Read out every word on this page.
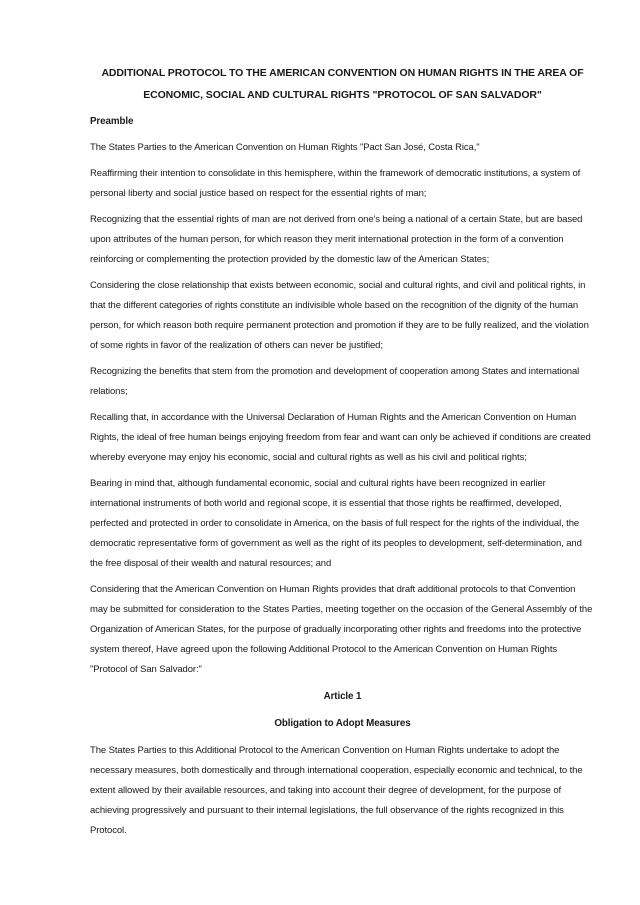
ADDITIONAL PROTOCOL TO THE AMERICAN CONVENTION ON HUMAN RIGHTS IN THE AREA OF ECONOMIC, SOCIAL AND CULTURAL RIGHTS "PROTOCOL OF SAN SALVADOR"
Preamble
The States Parties to the American Convention on Human Rights "Pact San José, Costa Rica,"
Reaffirming their intention to consolidate in this hemisphere, within the framework of democratic institutions, a system of personal liberty and social justice based on respect for the essential rights of man;
Recognizing that the essential rights of man are not derived from one's being a national of a certain State, but are based upon attributes of the human person, for which reason they merit international protection in the form of a convention reinforcing or complementing the protection provided by the domestic law of the American States;
Considering the close relationship that exists between economic, social and cultural rights, and civil and political rights, in that the different categories of rights constitute an indivisible whole based on the recognition of the dignity of the human person, for which reason both require permanent protection and promotion if they are to be fully realized, and the violation of some rights in favor of the realization of others can never be justified;
Recognizing the benefits that stem from the promotion and development of cooperation among States and international relations;
Recalling that, in accordance with the Universal Declaration of Human Rights and the American Convention on Human Rights, the ideal of free human beings enjoying freedom from fear and want can only be achieved if conditions are created whereby everyone may enjoy his economic, social and cultural rights as well as his civil and political rights;
Bearing in mind that, although fundamental economic, social and cultural rights have been recognized in earlier international instruments of both world and regional scope, it is essential that those rights be reaffirmed, developed, perfected and protected in order to consolidate in America, on the basis of full respect for the rights of the individual, the democratic representative form of government as well as the right of its peoples to development, self-determination, and the free disposal of their wealth and natural resources; and
Considering that the American Convention on Human Rights provides that draft additional protocols to that Convention may be submitted for consideration to the States Parties, meeting together on the occasion of the General Assembly of the Organization of American States, for the purpose of gradually incorporating other rights and freedoms into the protective system thereof, Have agreed upon the following Additional Protocol to the American Convention on Human Rights "Protocol of San Salvador:"
Article 1
Obligation to Adopt Measures
The States Parties to this Additional Protocol to the American Convention on Human Rights undertake to adopt the necessary measures, both domestically and through international cooperation, especially economic and technical, to the extent allowed by their available resources, and taking into account their degree of development, for the purpose of achieving progressively and pursuant to their internal legislations, the full observance of the rights recognized in this Protocol.
